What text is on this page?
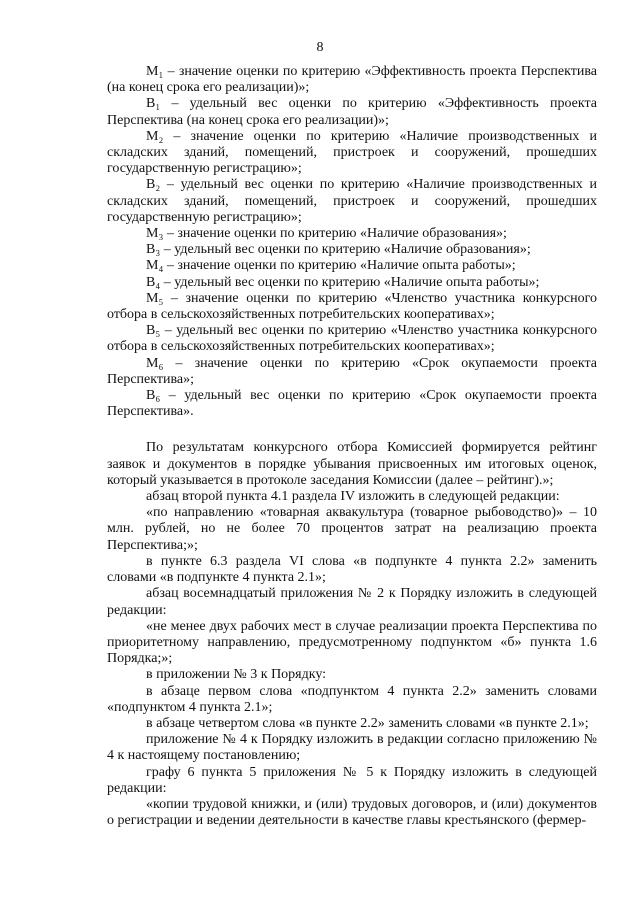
8

М₁ – значение оценки по критерию «Эффективность проекта Перспектива (на конец срока его реализации)»;

В₁ – удельный вес оценки по критерию «Эффективность проекта Перспектива (на конец срока его реализации)»;

М₂ – значение оценки по критерию «Наличие производственных и складских зданий, помещений, пристроек и сооружений, прошедших государственную регистрацию»;

В₂ – удельный вес оценки по критерию «Наличие производственных и складских зданий, помещений, пристроек и сооружений, прошедших государственную регистрацию»;

М₃ – значение оценки по критерию «Наличие образования»;

В₃ – удельный вес оценки по критерию «Наличие образования»;

М₄ – значение оценки по критерию «Наличие опыта работы»;

В₄ – удельный вес оценки по критерию «Наличие опыта работы»;

М₅ – значение оценки по критерию «Членство участника конкурсного отбора в сельскохозяйственных потребительских кооперативах»;

В₅ – удельный вес оценки по критерию «Членство участника конкурсного отбора в сельскохозяйственных потребительских кооперативах»;

М₆ – значение оценки по критерию «Срок окупаемости проекта Перспектива»;

В₆ – удельный вес оценки по критерию «Срок окупаемости проекта Перспектива».

По результатам конкурсного отбора Комиссией формируется рейтинг заявок и документов в порядке убывания присвоенных им итоговых оценок, который указывается в протоколе заседания Комиссии (далее – рейтинг).»;

абзац второй пункта 4.1 раздела IV изложить в следующей редакции:

«по направлению «товарная аквакультура (товарное рыбоводство)» – 10 млн. рублей, но не более 70 процентов затрат на реализацию проекта Перспектива;»;

в пункте 6.3 раздела VI слова «в подпункте 4 пункта 2.2» заменить словами «в подпункте 4 пункта 2.1»;

абзац восемнадцатый приложения № 2 к Порядку изложить в следующей редакции:

«не менее двух рабочих мест в случае реализации проекта Перспектива по приоритетному направлению, предусмотренному подпунктом «б» пункта 1.6 Порядка;»;

в приложении № 3 к Порядку:

в абзаце первом слова «подпунктом 4 пункта 2.2» заменить словами «подпунктом 4 пункта 2.1»;

в абзаце четвертом слова «в пункте 2.2» заменить словами «в пункте 2.1»;

приложение № 4 к Порядку изложить в редакции согласно приложению № 4 к настоящему постановлению;

графу 6 пункта 5 приложения № 5 к Порядку изложить в следующей редакции:

«копии трудовой книжки, и (или) трудовых договоров, и (или) документов о регистрации и ведении деятельности в качестве главы крестьянского (фермер-
